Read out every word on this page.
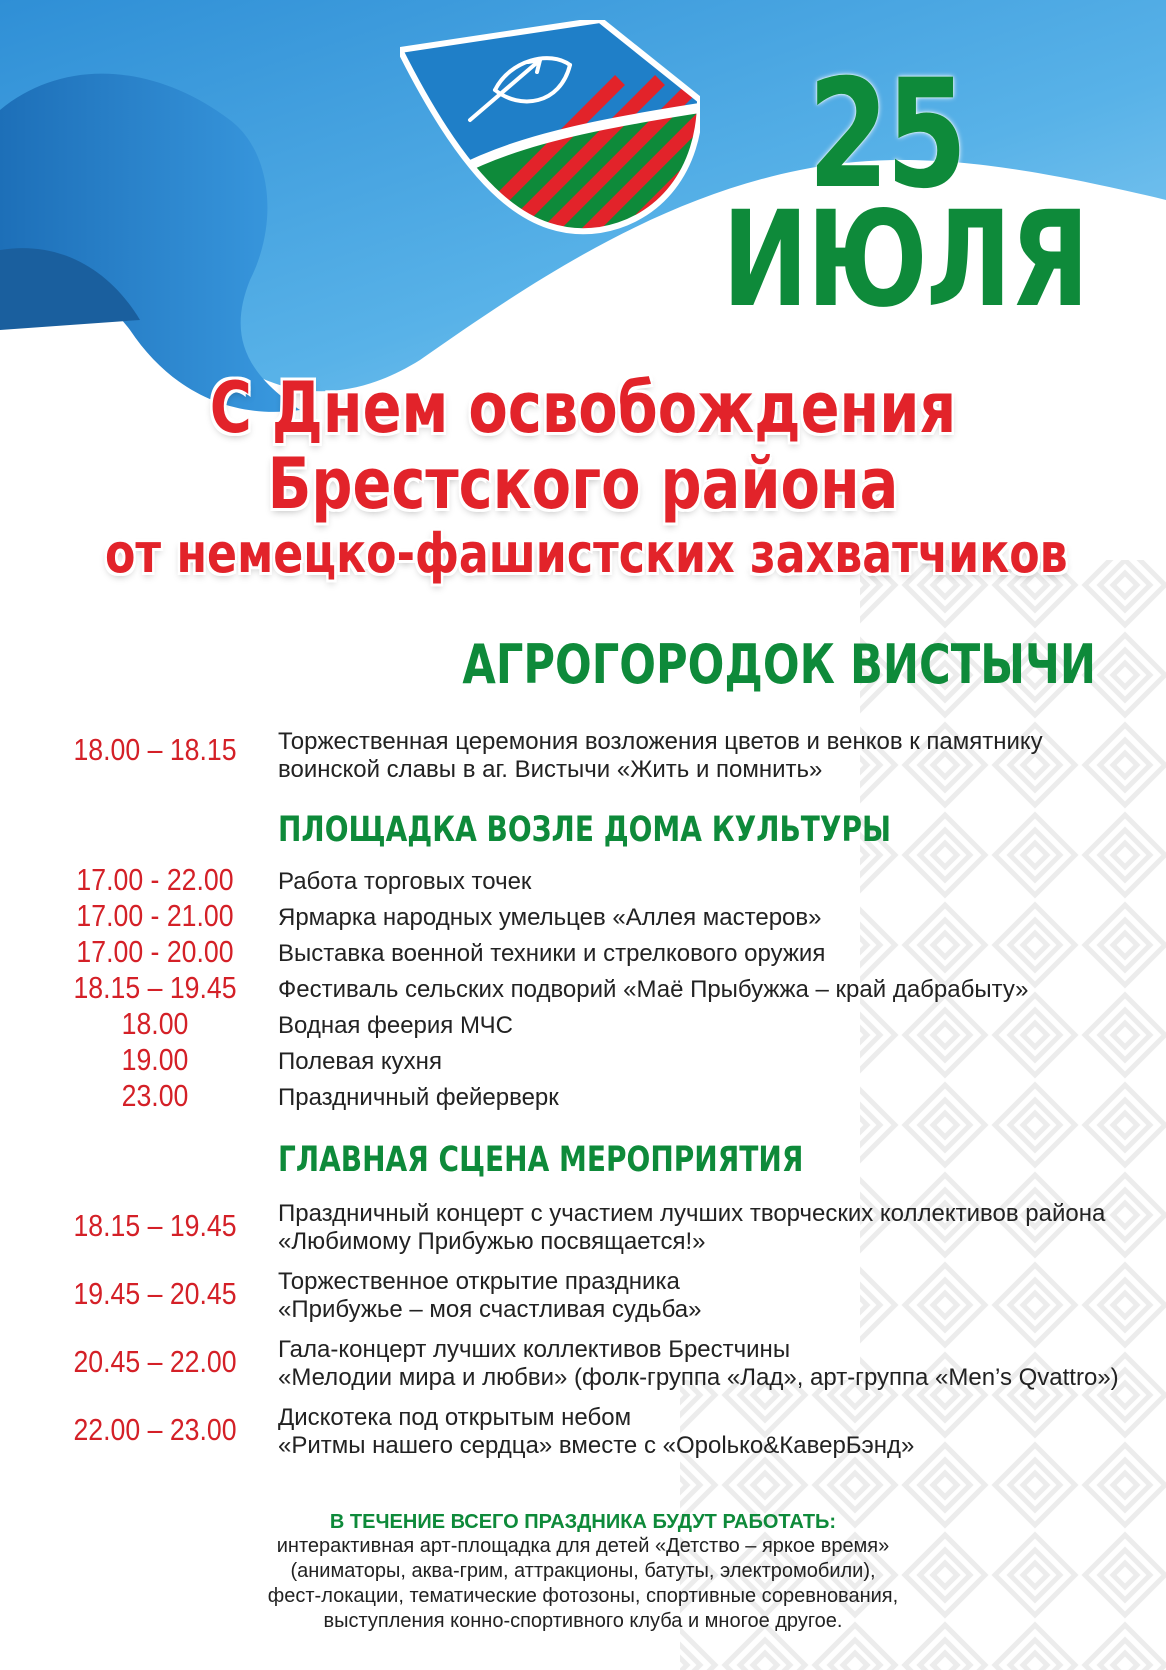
25
ИЮЛЯ
С Днем освобождения
Брестского района
от немецко-фашистских захватчиков
АГРОГОРОДОК ВИСТЫЧИ
18.00 – 18.15	Торжественная церемония возложения цветов и венков к памятнику
воинской славы в аг. Вистычи «Жить и помнить»
ПЛОЩАДКА ВОЗЛЕ ДОМА КУЛЬТУРЫ
17.00 - 22.00	Работа торговых точек
17.00 - 21.00	Ярмарка народных умельцев «Аллея мастеров»
17.00 - 20.00	Выставка военной техники и стрелкового оружия
18.15 – 19.45	Фестиваль сельских подворий «Маё Прыбужжа – край дабрабыту»
18.00	Водная феерия МЧС
19.00	Полевая кухня
23.00	Праздничный фейерверк
ГЛАВНАЯ СЦЕНА МЕРОПРИЯТИЯ
18.15 – 19.45	Праздничный концерт с участием лучших творческих коллективов района
«Любимому Прибужью посвящается!»
19.45 – 20.45	Торжественное открытие праздника
«Прибужье – моя счастливая судьба»
20.45 – 22.00	Гала-концерт лучших коллективов Брестчины
«Мелодии мира и любви» (фолк-группа «Лад», арт-группа «Men’s Qvattro»)
22.00 – 23.00	Дискотека под открытым небом
«Ритмы нашего сердца» вместе с «Оpolько&КаверБэнд»
В ТЕЧЕНИЕ ВСЕГО ПРАЗДНИКА БУДУТ РАБОТАТЬ:
интерактивная арт-площадка для детей «Детство – яркое время»
(аниматоры, аква-грим, аттракционы, батуты, электромобили),
фест-локации, тематические фотозоны, спортивные соревнования,
выступления конно-спортивного клуба и многое другое.
